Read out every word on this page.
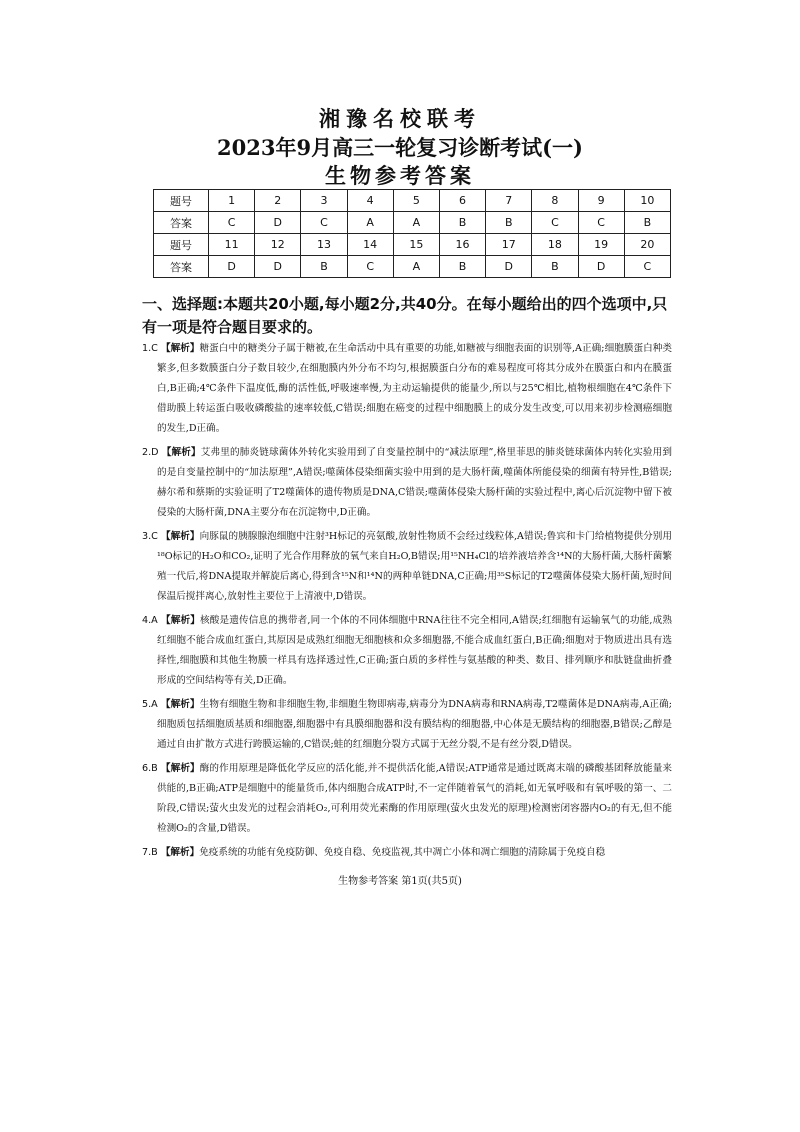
湘豫名校联考
2023年9月高三一轮复习诊断考试(一)
生物参考答案
题号	1	2	3	4	5	6	7	8	9	10
答案	C	D	C	A	A	B	B	C	C	B
题号	11	12	13	14	15	16	17	18	19	20
答案	D	D	B	C	A	B	D	B	D	C
一、选择题:本题共20小题,每小题2分,共40分。在每小题给出的四个选项中,只有一项是符合题目要求的。

1.C 【解析】糖蛋白中的糖类分子属于糖被,在生命活动中具有重要的功能,如糖被与细胞表面的识别等,A正确;细胞膜蛋白种类繁多,但多数膜蛋白分子数目较少,在细胞膜内外分布不均匀,根据膜蛋白分布的难易程度可将其分成外在膜蛋白和内在膜蛋白,B正确;4℃条件下温度低,酶的活性低,呼吸速率慢,为主动运输提供的能量少,所以与25℃相比,植物根细胞在4℃条件下借助膜上转运蛋白吸收磷酸盐的速率较低,C错误;细胞在癌变的过程中细胞膜上的成分发生改变,可以用来初步检测癌细胞的发生,D正确。

2.D 【解析】艾弗里的肺炎链球菌体外转化实验用到了自变量控制中的“减法原理”,格里菲思的肺炎链球菌体内转化实验用到的是自变量控制中的“加法原理”,A错误;噬菌体侵染细菌实验中用到的是大肠杆菌,噬菌体所能侵染的细菌有特异性,B错误;赫尔希和蔡斯的实验证明了T2噬菌体的遗传物质是DNA,C错误;噬菌体侵染大肠杆菌的实验过程中,离心后沉淀物中留下被侵染的大肠杆菌,DNA主要分布在沉淀物中,D正确。

3.C 【解析】向豚鼠的胰腺腺泡细胞中注射³H标记的亮氨酸,放射性物质不会经过线粒体,A错误;鲁宾和卡门给植物提供分别用¹⁸O标记的H₂O和CO₂,证明了光合作用释放的氧气来自H₂O,B错误;用¹⁵NH₄Cl的培养液培养含¹⁴N的大肠杆菌,大肠杆菌繁殖一代后,将DNA提取并解旋后离心,得到含¹⁵N和¹⁴N的两种单链DNA,C正确;用³⁵S标记的T2噬菌体侵染大肠杆菌,短时间保温后搅拌离心,放射性主要位于上清液中,D错误。

4.A 【解析】核酸是遗传信息的携带者,同一个体的不同体细胞中RNA往往不完全相同,A错误;红细胞有运输氧气的功能,成熟红细胞不能合成血红蛋白,其原因是成熟红细胞无细胞核和众多细胞器,不能合成血红蛋白,B正确;细胞对于物质进出具有选择性,细胞膜和其他生物膜一样具有选择透过性,C正确;蛋白质的多样性与氨基酸的种类、数目、排列顺序和肽链盘曲折叠形成的空间结构等有关,D正确。

5.A 【解析】生物有细胞生物和非细胞生物,非细胞生物即病毒,病毒分为DNA病毒和RNA病毒,T2噬菌体是DNA病毒,A正确;细胞质包括细胞质基质和细胞器,细胞器中有具膜细胞器和没有膜结构的细胞器,中心体是无膜结构的细胞器,B错误;乙醇是通过自由扩散方式进行跨膜运输的,C错误;蛙的红细胞分裂方式属于无丝分裂,不是有丝分裂,D错误。

6.B 【解析】酶的作用原理是降低化学反应的活化能,并不提供活化能,A错误;ATP通常是通过既离末端的磷酸基团释放能量来供能的,B正确;ATP是细胞中的能量货币,体内细胞合成ATP时,不一定伴随着氧气的消耗,如无氧呼吸和有氧呼吸的第一、二阶段,C错误;萤火虫发光的过程会消耗O₂,可利用荧光素酶的作用原理(萤火虫发光的原理)检测密闭容器内O₂的有无,但不能检测O₂的含量,D错误。

7.B 【解析】免疫系统的功能有免疫防御、免疫自稳、免疫监视,其中凋亡小体和凋亡细胞的清除属于免疫自稳

生物参考答案 第1页(共5页)
